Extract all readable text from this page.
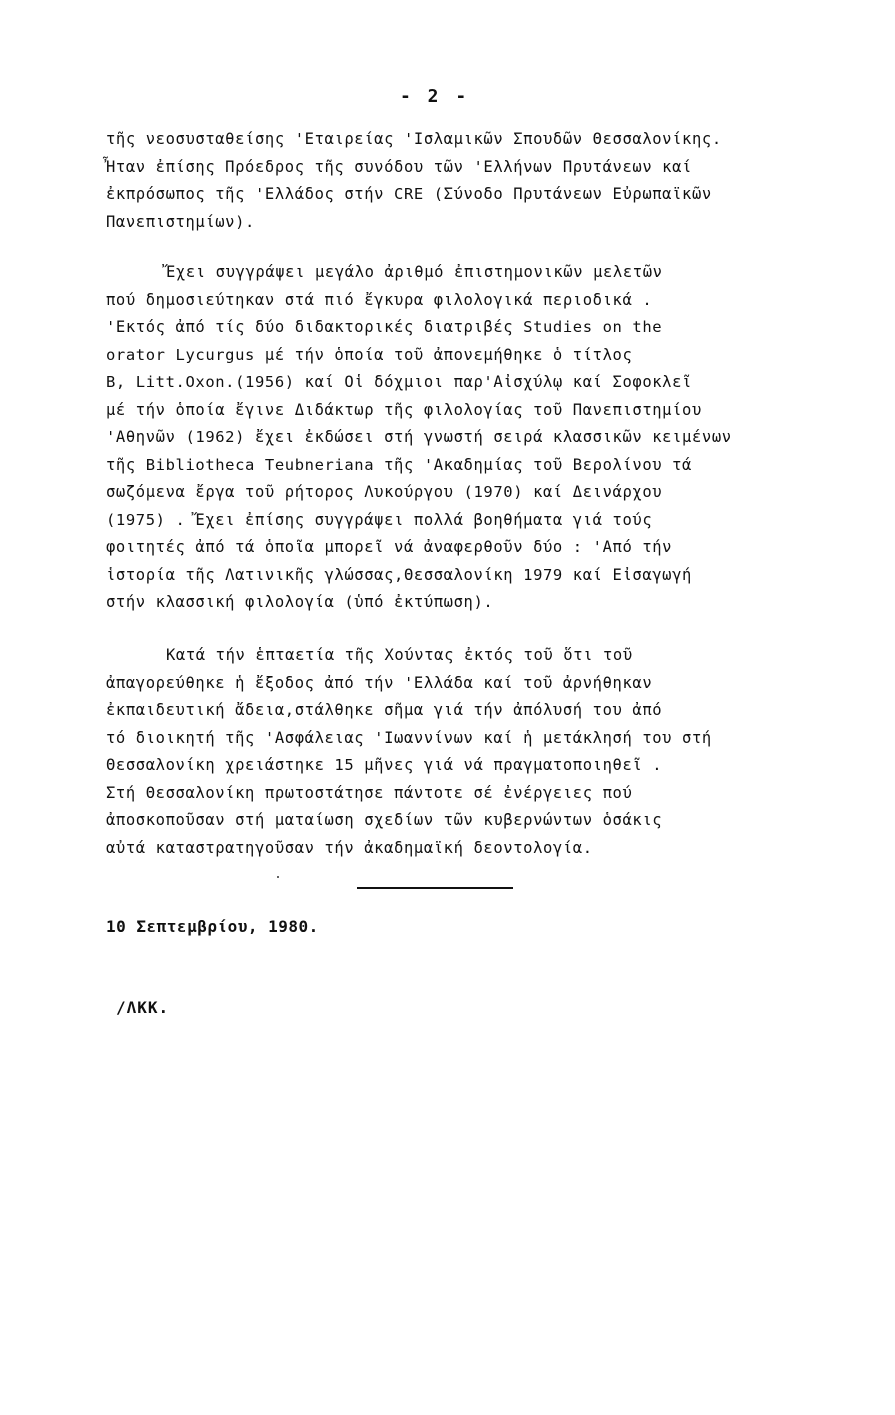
- 2 -
τῆς νεοσυσταθείσης 'Εταιρείας 'Ισλαμικῶν Σπουδῶν Θεσσαλονίκης.
Ἦταν ἐπίσης Πρόεδρος τῆς συνόδου τῶν 'Ελλήνων Πρυτάνεων καί
ἐκπρόσωπος τῆς 'Ελλάδος στήν CRE (Σύνοδο Πρυτάνεων Εὐρωπαϊκῶν
Πανεπιστημίων).
Ἔχει συγγράψει μεγάλο ἀριθμό ἐπιστημονικῶν μελετῶν
πού δημοσιεύτηκαν στά πιό ἔγκυρα φιλολογικά περιοδικά .
'Εκτός ἀπό τίς δύο διδακτορικές διατριβές Studies on the
orator Lycurgus μέ τήν ὁποία τοῦ ἀπονεμήθηκε ὁ τίτλος
B, Litt.Oxon.(1956) καί Οἱ δόχμιοι παρ'Αἰσχύλῳ καί Σοφοκλεῖ
μέ τήν ὁποία ἔγινε Διδάκτωρ τῆς φιλολογίας τοῦ Πανεπιστημίου
'Αθηνῶν (1962) ἔχει ἐκδώσει στή γνωστή σειρά κλασσικῶν κειμένων
τῆς Bibliotheca Teubneriana τῆς 'Ακαδημίας τοῦ Βερολίνου τά
σωζόμενα ἔργα τοῦ ρήτορος Λυκούργου (1970) καί Δεινάρχου
(1975) . Ἔχει ἐπίσης συγγράψει πολλά βοηθήματα γιά τούς
φοιτητές ἀπό τά ὁποῖα μπορεῖ νά ἀναφερθοῦν δύο : 'Από τήν
ἱστορία τῆς Λατινικῆς γλώσσας,Θεσσαλονίκη 1979 καί Εἰσαγωγή
στήν κλασσική φιλολογία (ὑπό ἐκτύπωση).
Κατά τήν ἑπταετία τῆς Χούντας ἐκτός τοῦ ὅτι τοῦ
ἀπαγορεύθηκε ἡ ἔξοδος ἀπό τήν 'Ελλάδα καί τοῦ ἀρνήθηκαν
ἐκπαιδευτική ἄδεια,στάλθηκε σῆμα γιά τήν ἀπόλυσή του ἀπό
τό διοικητή τῆς 'Ασφάλειας 'Ιωαννίνων καί ἡ μετάκλησή του στή
Θεσσαλονίκη χρειάστηκε 15 μῆνες γιά νά πραγματοποιηθεῖ .
Στή Θεσσαλονίκη πρωτοστάτησε πάντοτε σέ ἐνέργειες πού
ἀποσκοποῦσαν στή ματαίωση σχεδίων τῶν κυβερνώντων ὁσάκις
αὐτά καταστρατηγοῦσαν τήν ἀκαδημαϊκή δεοντολογία.
10 Σεπτεμβρίου, 1980.
/ΛΚΚ.
